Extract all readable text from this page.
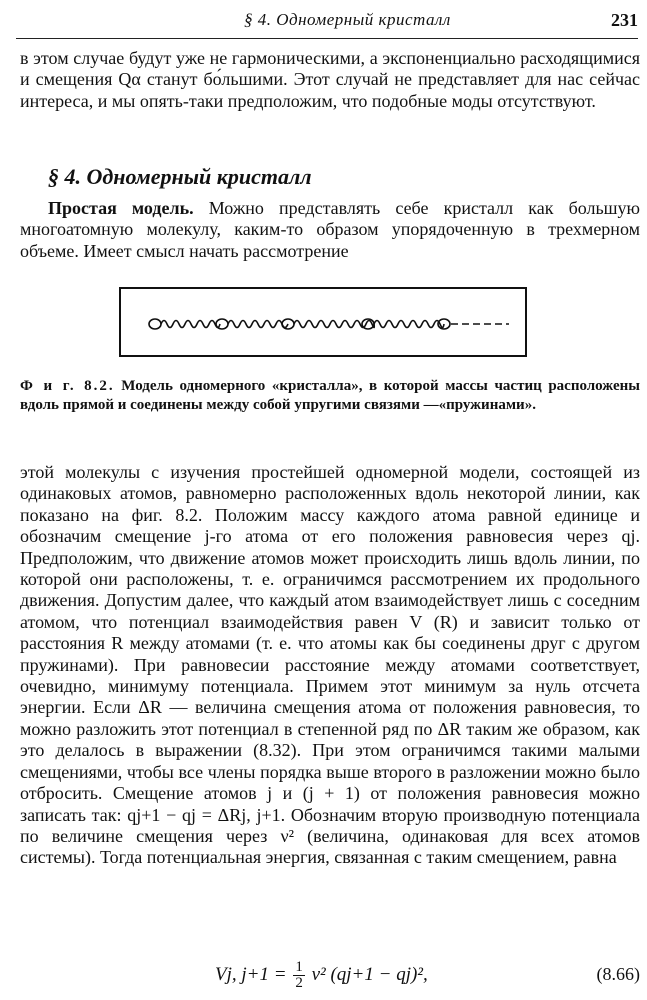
§ 4. Одномерный кристалл	231

в этом случае будут уже не гармоническими, а экспоненциально расходящимися и смещения Qα станут бо́льшими. Этот случай не представляет для нас сейчас интереса, и мы опять-таки предположим, что подобные моды отсутствуют.

§ 4. Одномерный кристалл

Простая модель. Можно представлять себе кристалл как большую многоатомную молекулу, каким-то образом упорядоченную в трехмерном объеме. Имеет смысл начать рассмотрение

Ф и г. 8.2. Модель одномерного «кристалла», в которой массы частиц расположены вдоль прямой и соединены между собой упругими связями —«пружинами».

этой молекулы с изучения простейшей одномерной модели, состоящей из одинаковых атомов, равномерно расположенных вдоль некоторой линии, как показано на фиг. 8.2. Положим массу каждого атома равной единице и обозначим смещение j-го атома от его положения равновесия через qj. Предположим, что движение атомов может происходить лишь вдоль линии, по которой они расположены, т. е. ограничимся рассмотрением их продольного движения. Допустим далее, что каждый атом взаимодействует лишь с соседним атомом, что потенциал взаимодействия равен V (R) и зависит только от расстояния R между атомами (т. е. что атомы как бы соединены друг с другом пружинами). При равновесии расстояние между атомами соответствует, очевидно, минимуму потенциала. Примем этот минимум за нуль отсчета энергии. Если ΔR — величина смещения атома от положения равновесия, то можно разложить этот потенциал в степенной ряд по ΔR таким же образом, как это делалось в выражении (8.32). При этом ограничимся такими малыми смещениями, чтобы все члены порядка выше второго в разложении можно было отбросить. Смещение атомов j и (j + 1) от положения равновесия можно записать так: qj+1 − qj = ΔRj, j+1. Обозначим вторую производную потенциала по величине смещения через ν² (величина, одинаковая для всех атомов системы). Тогда потенциальная энергия, связанная с таким смещением, равна

Vj, $j+1 = \frac{1}{2} \nu^2$ (qj+1 − qj)²,	(8.66)
